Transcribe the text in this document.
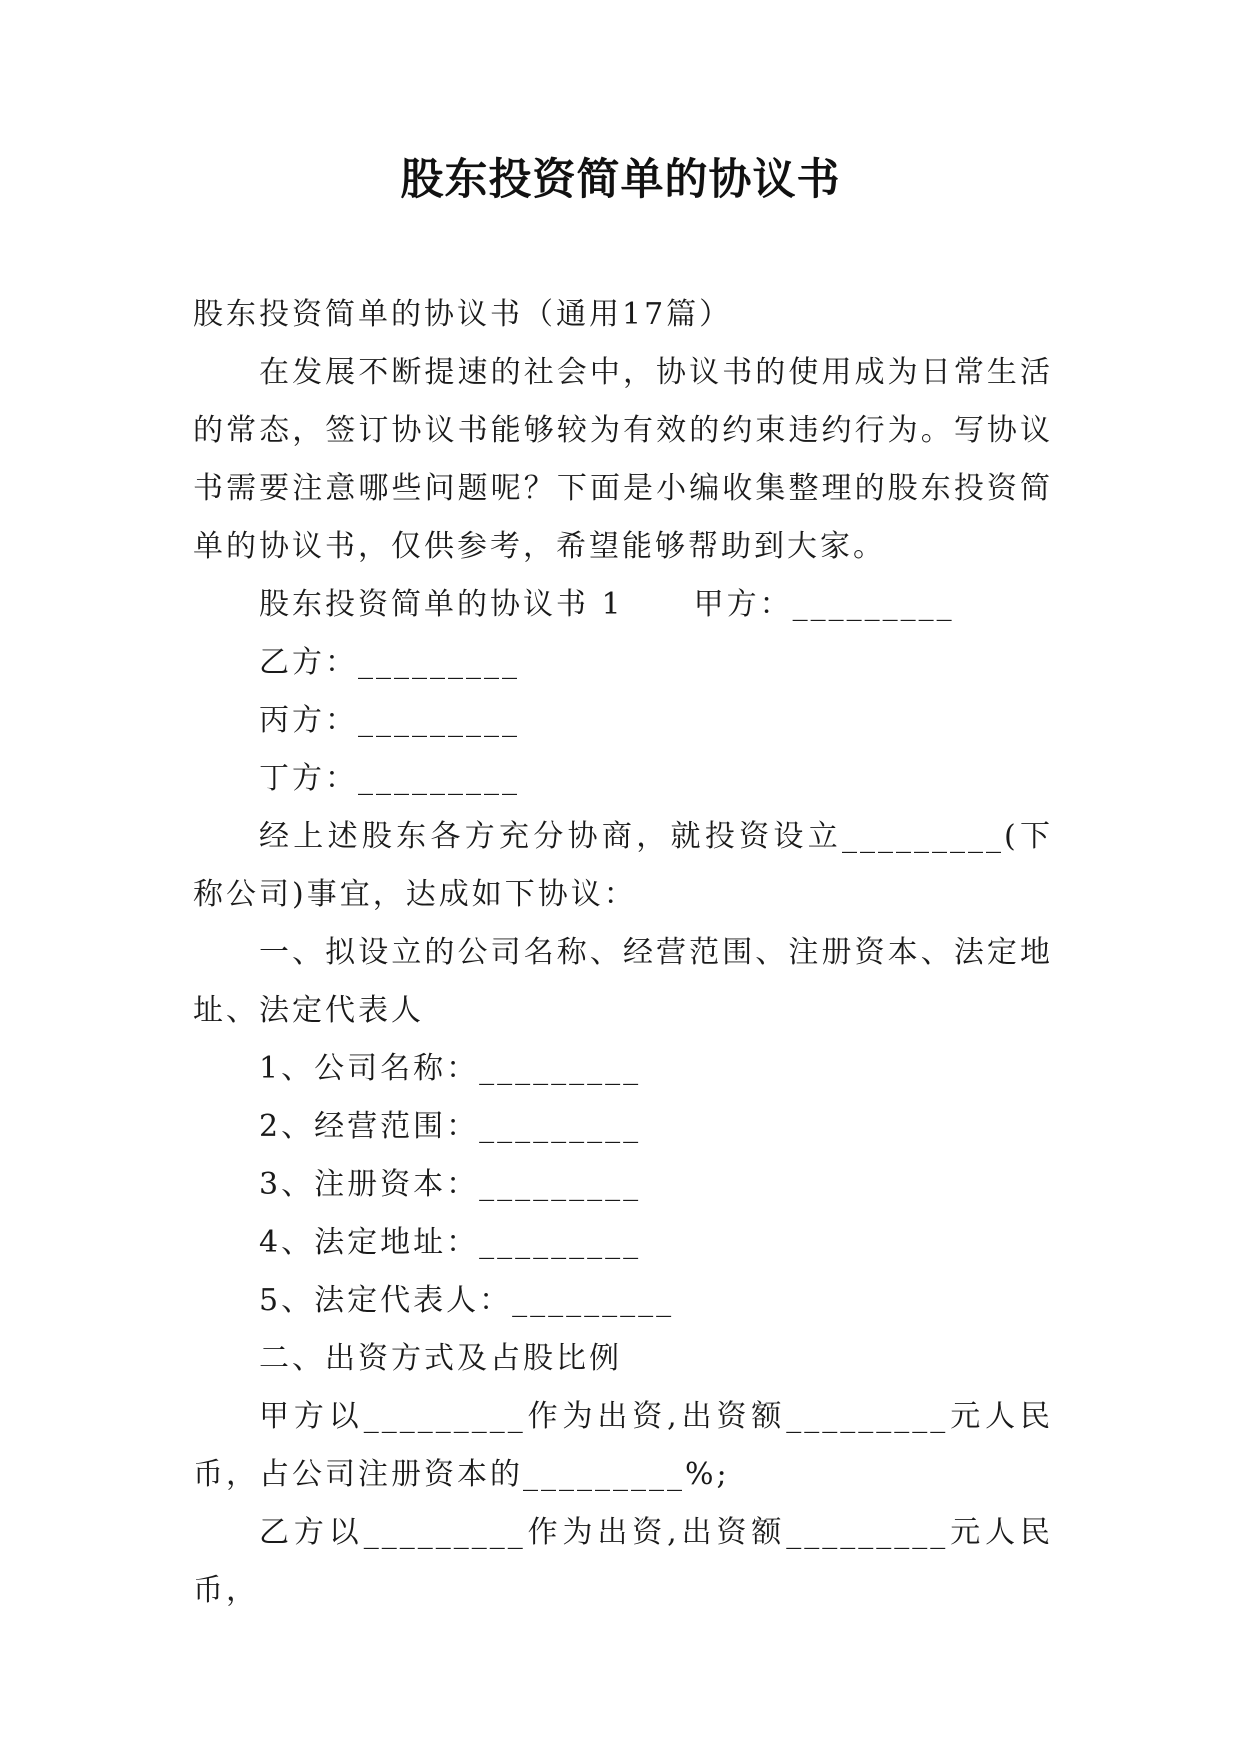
股东投资简单的协议书

股东投资简单的协议书（通用17篇）

在发展不断提速的社会中，协议书的使用成为日常生活的常态，签订协议书能够较为有效的约束违约行为。写协议书需要注意哪些问题呢？下面是小编收集整理的股东投资简单的协议书，仅供参考，希望能够帮助到大家。

股东投资简单的协议书 1 甲方：_________

乙方：_________

丙方：_________

丁方：_________

经上述股东各方充分协商，就投资设立_________(下称公司)事宜，达成如下协议：

一、拟设立的公司名称、经营范围、注册资本、法定地址、法定代表人

1、公司名称：_________

2、经营范围：_________

3、注册资本：_________

4、法定地址：_________

5、法定代表人：_________

二、出资方式及占股比例

甲方以_________作为出资,出资额_________元人民币，占公司注册资本的_________%;

乙方以_________作为出资,出资额_________元人民币，
